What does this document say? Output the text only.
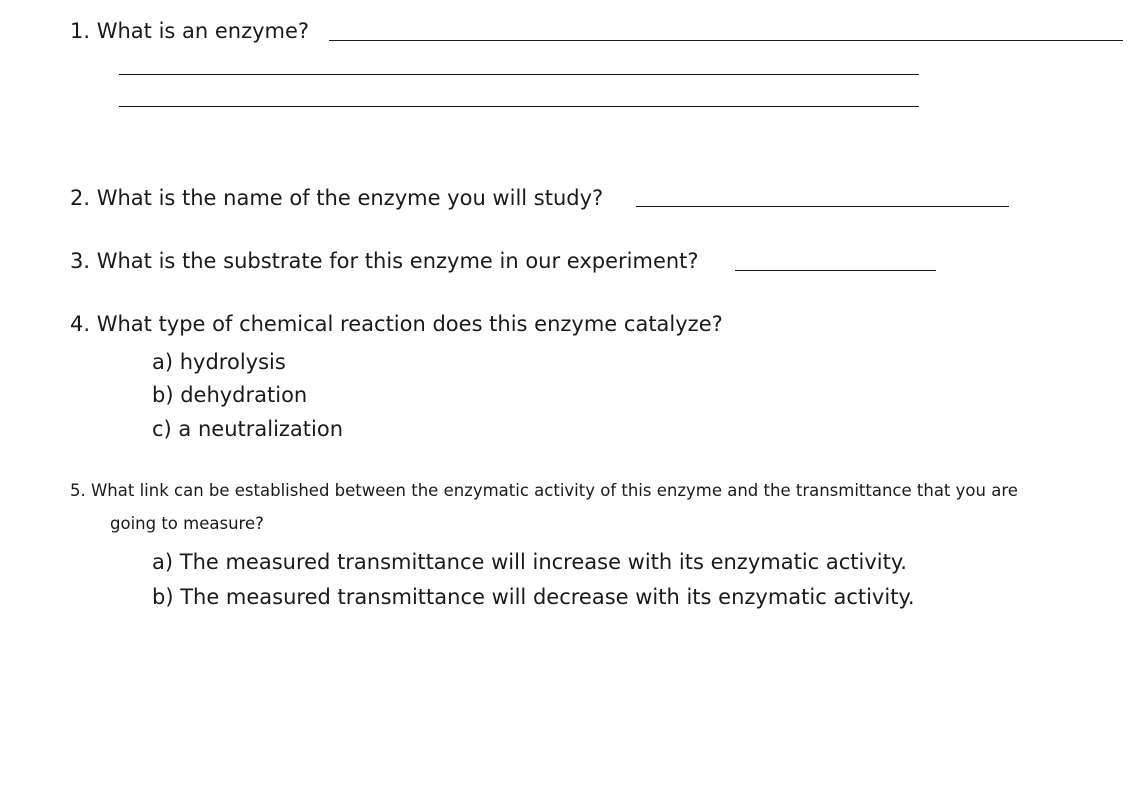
1. What is an enzyme?
2. What is the name of the enzyme you will study?
3. What is the substrate for this enzyme in our experiment?
4. What type of chemical reaction does this enzyme catalyze?
a) hydrolysis
b) dehydration
c) a neutralization
5. What link can be established between the enzymatic activity of this enzyme and the transmittance that you are
going to measure?
a) The measured transmittance will increase with its enzymatic activity.
b) The measured transmittance will decrease with its enzymatic activity.
